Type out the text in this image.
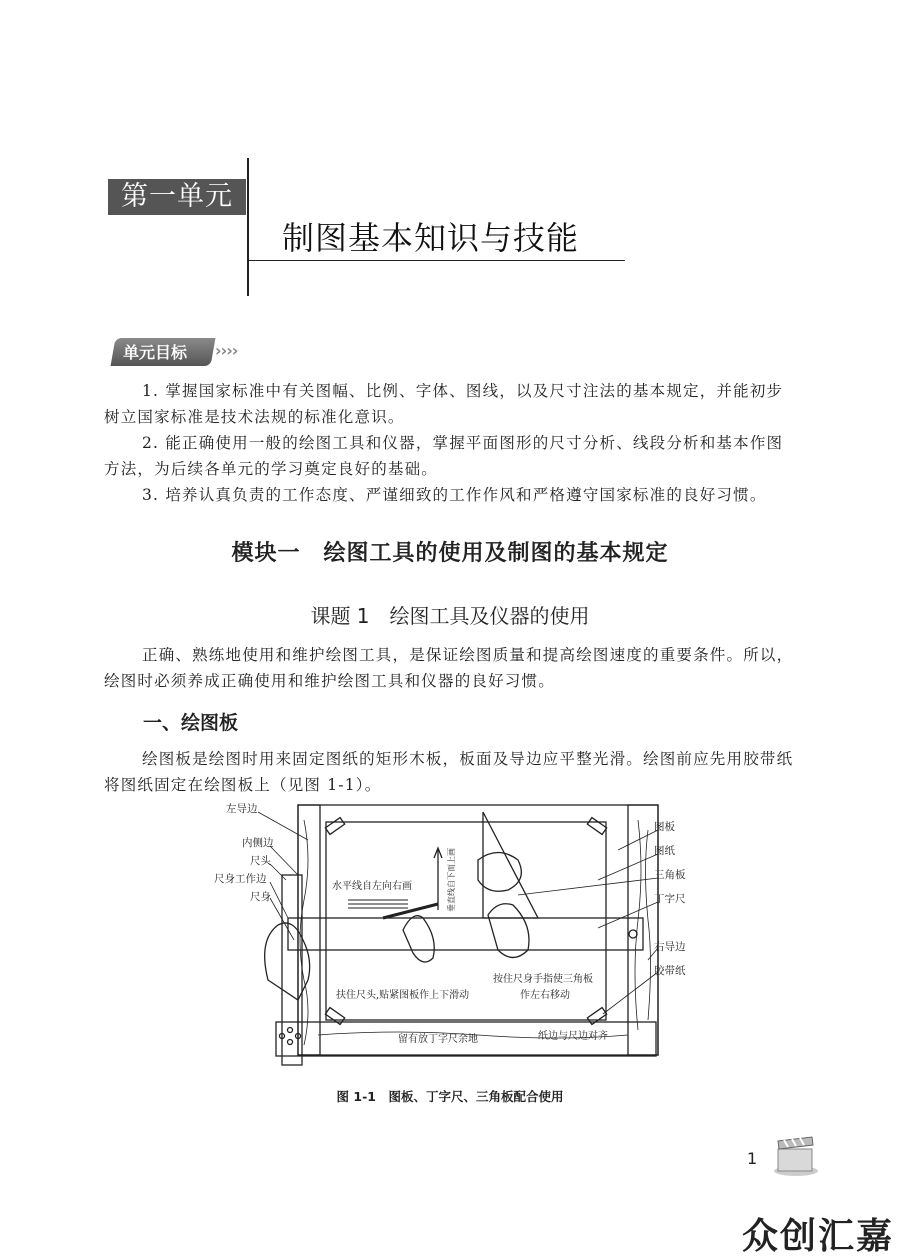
第一单元
制图基本知识与技能
单元目标 ››››
1. 掌握国家标准中有关图幅、比例、字体、图线，以及尺寸注法的基本规定，并能初步树立国家标准是技术法规的标准化意识。
2. 能正确使用一般的绘图工具和仪器，掌握平面图形的尺寸分析、线段分析和基本作图方法，为后续各单元的学习奠定良好的基础。
3. 培养认真负责的工作态度、严谨细致的工作作风和严格遵守国家标准的良好习惯。
模块一　绘图工具的使用及制图的基本规定
课题 1　绘图工具及仪器的使用
正确、熟练地使用和维护绘图工具，是保证绘图质量和提高绘图速度的重要条件。所以，绘图时必须养成正确使用和维护绘图工具和仪器的良好习惯。
一、绘图板
绘图板是绘图时用来固定图纸的矩形木板，板面及导边应平整光滑。绘图前应先用胶带纸将图纸固定在绘图板上（见图 1-1）。
左导边
内侧边
尺头
尺身工作边
尺身
图板
图纸
三角板
丁字尺
右导边
胶带纸
水平线自左向右画	垂直线自下而上画
扶住尺头,贴紧图板作上下滑动
按住尺身手指使三角板
作左右移动
留有放丁字尺余地	纸边与尺边对齐
图 1-1　图板、丁字尺、三角板配合使用
1
众创汇嘉
